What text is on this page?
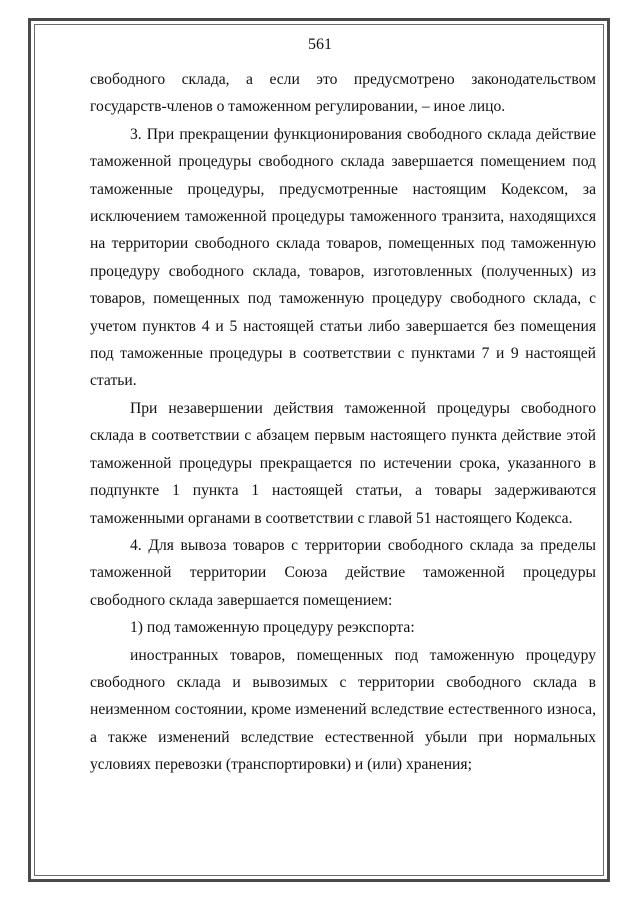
561

свободного склада, а если это предусмотрено законодательством государств-членов о таможенном регулировании, – иное лицо.

3. При прекращении функционирования свободного склада действие таможенной процедуры свободного склада завершается помещением под таможенные процедуры, предусмотренные настоящим Кодексом, за исключением таможенной процедуры таможенного транзита, находящихся на территории свободного склада товаров, помещенных под таможенную процедуру свободного склада, товаров, изготовленных (полученных) из товаров, помещенных под таможенную процедуру свободного склада, с учетом пунктов 4 и 5 настоящей статьи либо завершается без помещения под таможенные процедуры в соответствии с пунктами 7 и 9 настоящей статьи.

При незавершении действия таможенной процедуры свободного склада в соответствии с абзацем первым настоящего пункта действие этой таможенной процедуры прекращается по истечении срока, указанного в подпункте 1 пункта 1 настоящей статьи, а товары задерживаются таможенными органами в соответствии с главой 51 настоящего Кодекса.

4. Для вывоза товаров с территории свободного склада за пределы таможенной территории Союза действие таможенной процедуры свободного склада завершается помещением:

1) под таможенную процедуру реэкспорта:

иностранных товаров, помещенных под таможенную процедуру свободного склада и вывозимых с территории свободного склада в неизменном состоянии, кроме изменений вследствие естественного износа, а также изменений вследствие естественной убыли при нормальных условиях перевозки (транспортировки) и (или) хранения;
